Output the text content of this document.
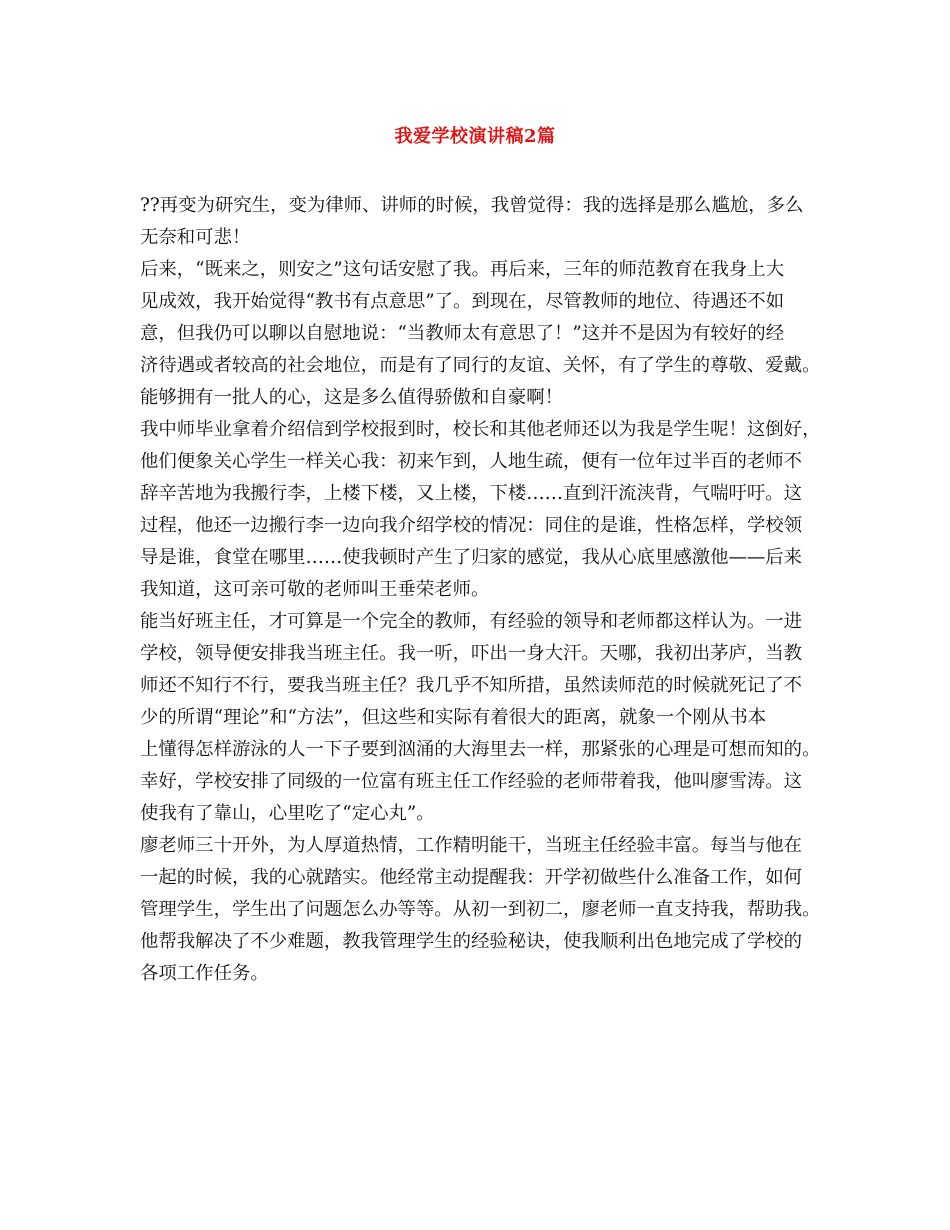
我爱学校演讲稿2篇
??再变为研究生，变为律师、讲师的时候，我曾觉得：我的选择是那么尴尬，多么
无奈和可悲！
后来，“既来之，则安之”这句话安慰了我。再后来，三年的师范教育在我身上大
见成效，我开始觉得“教书有点意思”了。到现在，尽管教师的地位、待遇还不如
意，但我仍可以聊以自慰地说：“当教师太有意思了！”这并不是因为有较好的经
济待遇或者较高的社会地位，而是有了同行的友谊、关怀，有了学生的尊敬、爱戴。
能够拥有一批人的心，这是多么值得骄傲和自豪啊！
我中师毕业拿着介绍信到学校报到时，校长和其他老师还以为我是学生呢！这倒好，
他们便象关心学生一样关心我：初来乍到，人地生疏，便有一位年过半百的老师不
辞辛苦地为我搬行李，上楼下楼，又上楼，下楼……直到汗流浃背，气喘吁吁。这
过程，他还一边搬行李一边向我介绍学校的情况：同住的是谁，性格怎样，学校领
导是谁，食堂在哪里……使我顿时产生了归家的感觉，我从心底里感激他——后来
我知道，这可亲可敬的老师叫王垂荣老师。
能当好班主任，才可算是一个完全的教师，有经验的领导和老师都这样认为。一进
学校，领导便安排我当班主任。我一听，吓出一身大汗。天哪，我初出茅庐，当教
师还不知行不行，要我当班主任？我几乎不知所措，虽然读师范的时候就死记了不
少的所谓“理论”和“方法”，但这些和实际有着很大的距离，就象一个刚从书本
上懂得怎样游泳的人一下子要到汹涌的大海里去一样，那紧张的心理是可想而知的。
幸好，学校安排了同级的一位富有班主任工作经验的老师带着我，他叫廖雪涛。这
使我有了靠山，心里吃了“定心丸”。
廖老师三十开外，为人厚道热情，工作精明能干，当班主任经验丰富。每当与他在
一起的时候，我的心就踏实。他经常主动提醒我：开学初做些什么准备工作，如何
管理学生，学生出了问题怎么办等等。从初一到初二，廖老师一直支持我，帮助我。
他帮我解决了不少难题，教我管理学生的经验秘诀，使我顺利出色地完成了学校的
各项工作任务。
